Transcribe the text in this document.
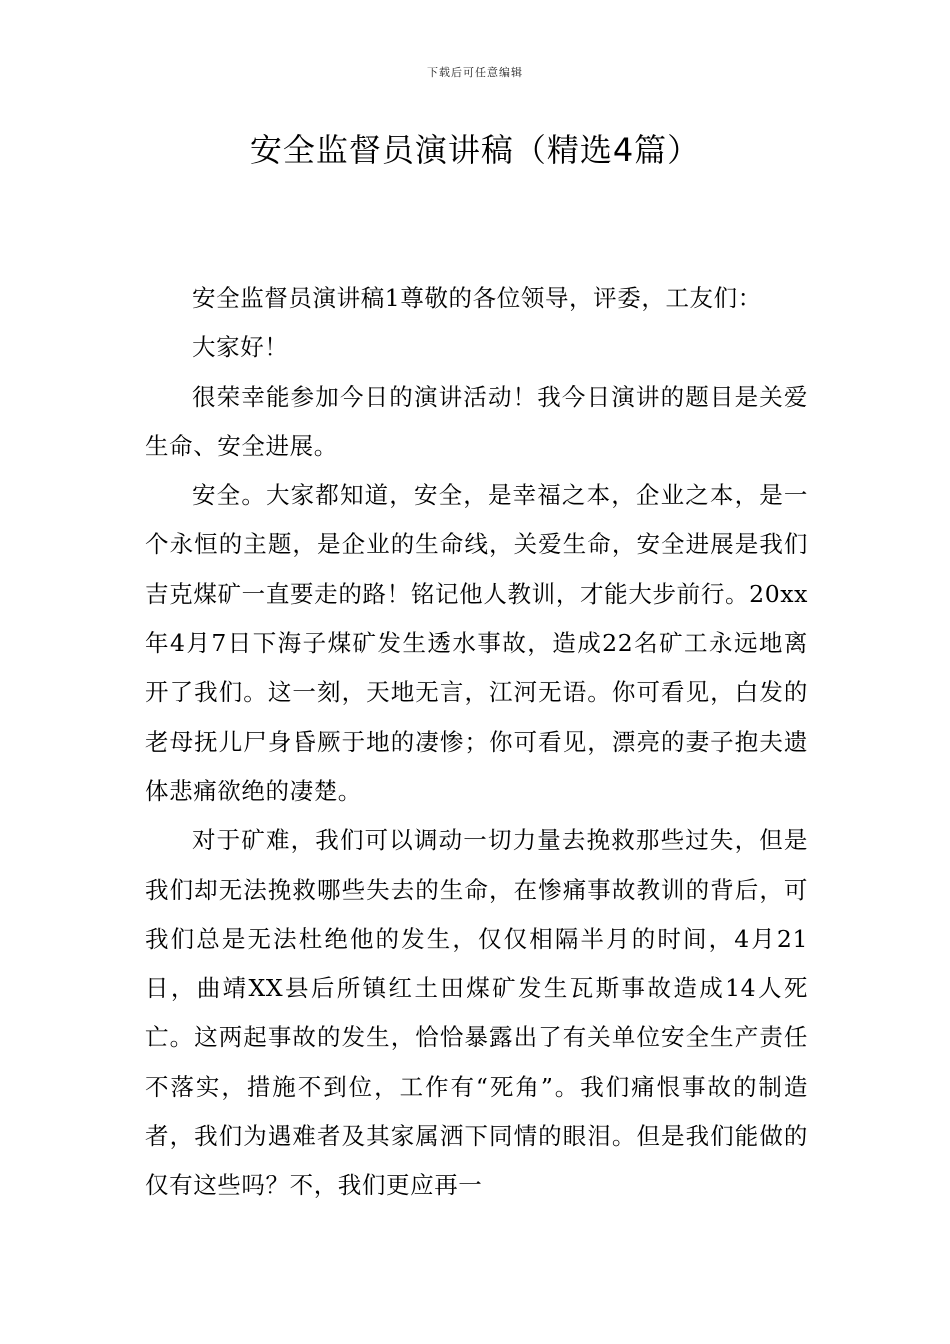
下载后可任意编辑
安全监督员演讲稿（精选4篇）

安全监督员演讲稿1尊敬的各位领导，评委，工友们：

大家好！

很荣幸能参加今日的演讲活动！我今日演讲的题目是关爱生命、安全进展。

安全。大家都知道，安全，是幸福之本，企业之本，是一个永恒的主题，是企业的生命线，关爱生命，安全进展是我们吉克煤矿一直要走的路！铭记他人教训，才能大步前行。20xx年4月7日下海子煤矿发生透水事故，造成22名矿工永远地离开了我们。这一刻，天地无言，江河无语。你可看见，白发的老母抚儿尸身昏厥于地的凄惨；你可看见，漂亮的妻子抱夫遗体悲痛欲绝的凄楚。

对于矿难，我们可以调动一切力量去挽救那些过失，但是我们却无法挽救哪些失去的生命，在惨痛事故教训的背后，可我们总是无法杜绝他的发生，仅仅相隔半月的时间，4月21日，曲靖XX县后所镇红土田煤矿发生瓦斯事故造成14人死亡。这两起事故的发生，恰恰暴露出了有关单位安全生产责任不落实，措施不到位，工作有“死角”。我们痛恨事故的制造者，我们为遇难者及其家属洒下同情的眼泪。但是我们能做的仅有这些吗？不，我们更应再一
